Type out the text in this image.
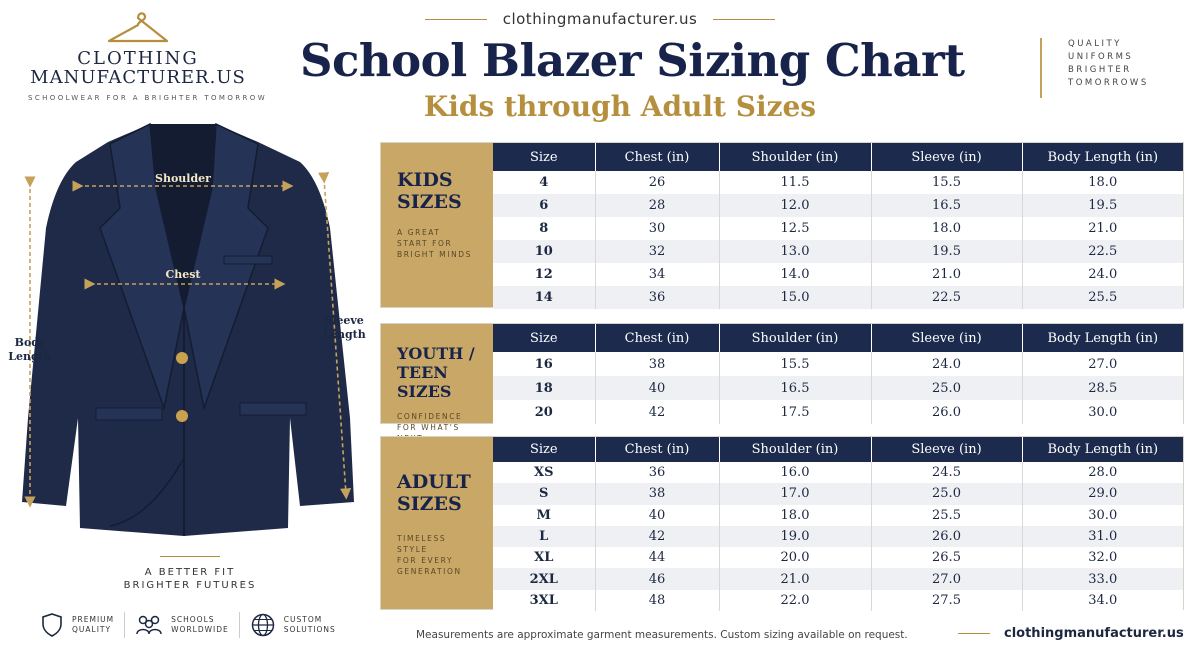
CLOTHING
MANUFACTURER.US
SCHOOLWEAR FOR A BRIGHTER TOMORROW
clothingmanufacturer.us
School Blazer Sizing Chart
Kids through Adult Sizes
QUALITY
UNIFORMS
BRIGHTER
TOMORROWS
Shoulder
Chest
Body
Length
Sleeve
Length
A BETTER FIT
BRIGHTER FUTURES
PREMIUM
QUALITY
SCHOOLS
WORLDWIDE
CUSTOM
SOLUTIONS
KIDS
SIZES
A GREAT
START FOR
BRIGHT MINDS
Size	Chest (in)	Shoulder (in)	Sleeve (in)	Body Length (in)
4	26	11.5	15.5	18.0
6	28	12.0	16.5	19.5
8	30	12.5	18.0	21.0
10	32	13.0	19.5	22.5
12	34	14.0	21.0	24.0
14	36	15.0	22.5	25.5
YOUTH /
TEEN SIZES
CONFIDENCE
FOR WHAT'S
Size	Chest (in)	Shoulder (in)	Sleeve (in)	Body Length (in)
16	38	15.5	24.0	27.0
18	40	16.5	25.0	28.5
20	42	17.5	26.0	30.0
ADULT
SIZES
TIMELESS
STYLE
FOR EVERY
GENERATION
Size	Chest (in)	Shoulder (in)	Sleeve (in)	Body Length (in)
XS	36	16.0	24.5	28.0
S	38	17.0	25.0	29.0
M	40	18.0	25.5	30.0
L	42	19.0	26.0	31.0
XL	44	20.0	26.5	32.0
2XL	46	21.0	27.0	33.0
3XL	48	22.0	27.5	34.0
Measurements are approximate garment measurements. Custom sizing available on request.	clothingmanufacturer.us
